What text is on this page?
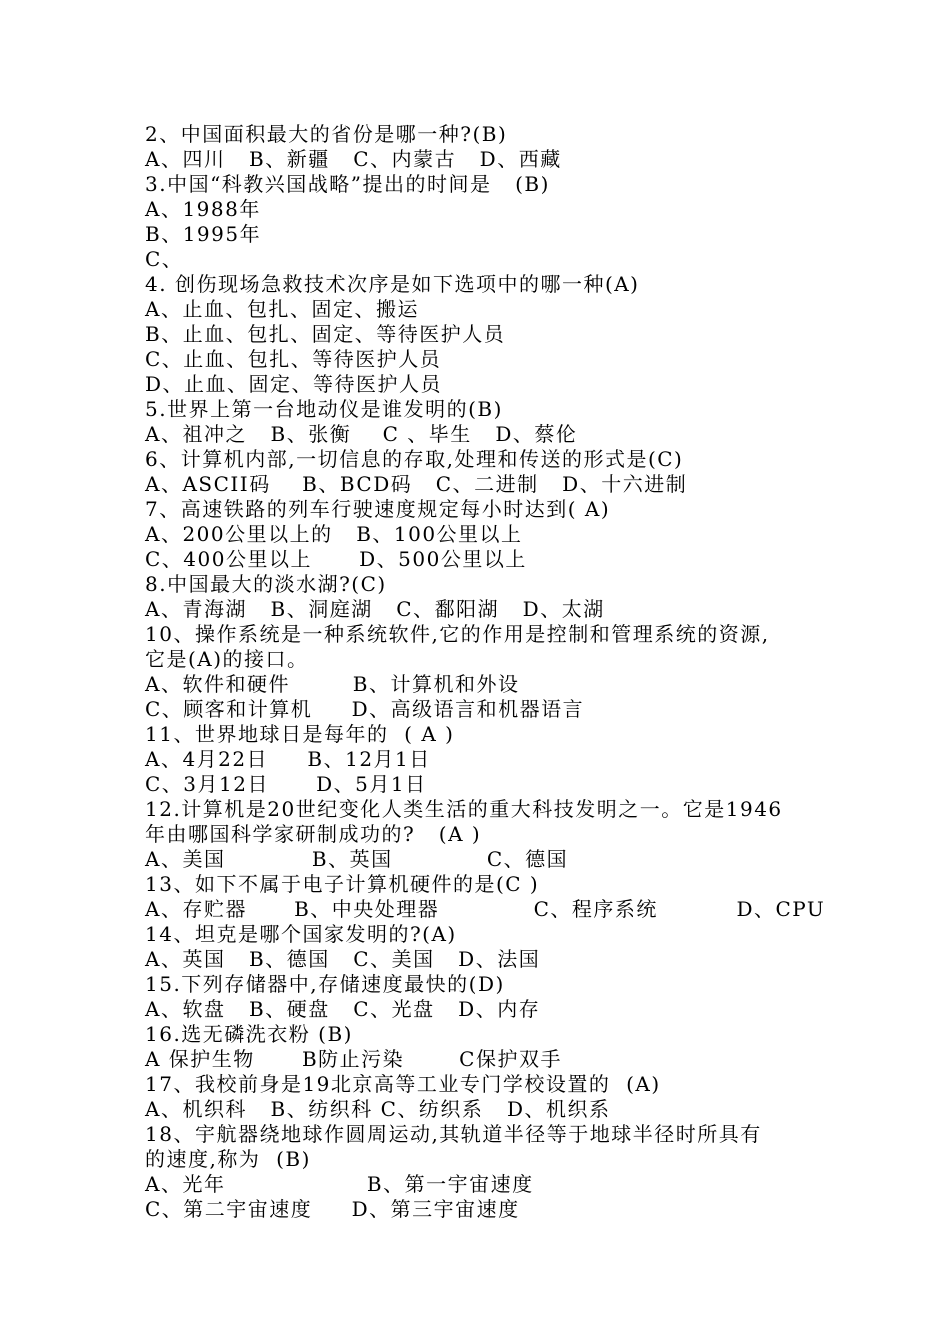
2、中国面积最大的省份是哪一种?(B)
A、四川   B、新疆   C、内蒙古   D、西藏
3.中国“科教兴国战略”提出的时间是   (B)
A、1988年
B、1995年
C、
4. 创伤现场急救技术次序是如下选项中的哪一种(A)
A、止血、包扎、固定、搬运
B、止血、包扎、固定、等待医护人员
C、止血、包扎、等待医护人员
D、止血、固定、等待医护人员
5.世界上第一台地动仪是谁发明的(B)
A、祖冲之   B、张衡    C 、毕生   D、蔡伦
6、计算机内部,一切信息的存取,处理和传送的形式是(C)
A、ASCII码    B、BCD码   C、二进制   D、十六进制
7、高速铁路的列车行驶速度规定每小时达到( A)
A、200公里以上的   B、100公里以上
C、400公里以上      D、500公里以上
8.中国最大的淡水湖?(C)
A、青海湖   B、洞庭湖   C、鄱阳湖   D、太湖
10、操作系统是一种系统软件,它的作用是控制和管理系统的资源,
它是(A)的接口。
A、软件和硬件        B、计算机和外设
C、顾客和计算机     D、高级语言和机器语言
11、世界地球日是每年的  ( A )
A、4月22日     B、12月1日
C、3月12日      D、5月1日
12.计算机是20世纪变化人类生活的重大科技发明之一。它是1946
年由哪国科学家研制成功的?   (A )
A、美国           B、英国            C、德国
13、如下不属于电子计算机硬件的是(C )
A、存贮器      B、中央处理器            C、程序系统          D、CPU
14、坦克是哪个国家发明的?(A)
A、英国   B、德国   C、美国   D、法国
15.下列存储器中,存储速度最快的(D)
A、软盘   B、硬盘   C、光盘   D、内存
16.选无磷洗衣粉 (B)
A 保护生物      B防止污染       C保护双手
17、我校前身是19北京高等工业专门学校设置的  (A)
A、机织科   B、纺织科 C、纺织系   D、机织系
18、宇航器绕地球作圆周运动,其轨道半径等于地球半径时所具有
的速度,称为  (B)
A、光年                  B、第一宇宙速度
C、第二宇宙速度     D、第三宇宙速度
